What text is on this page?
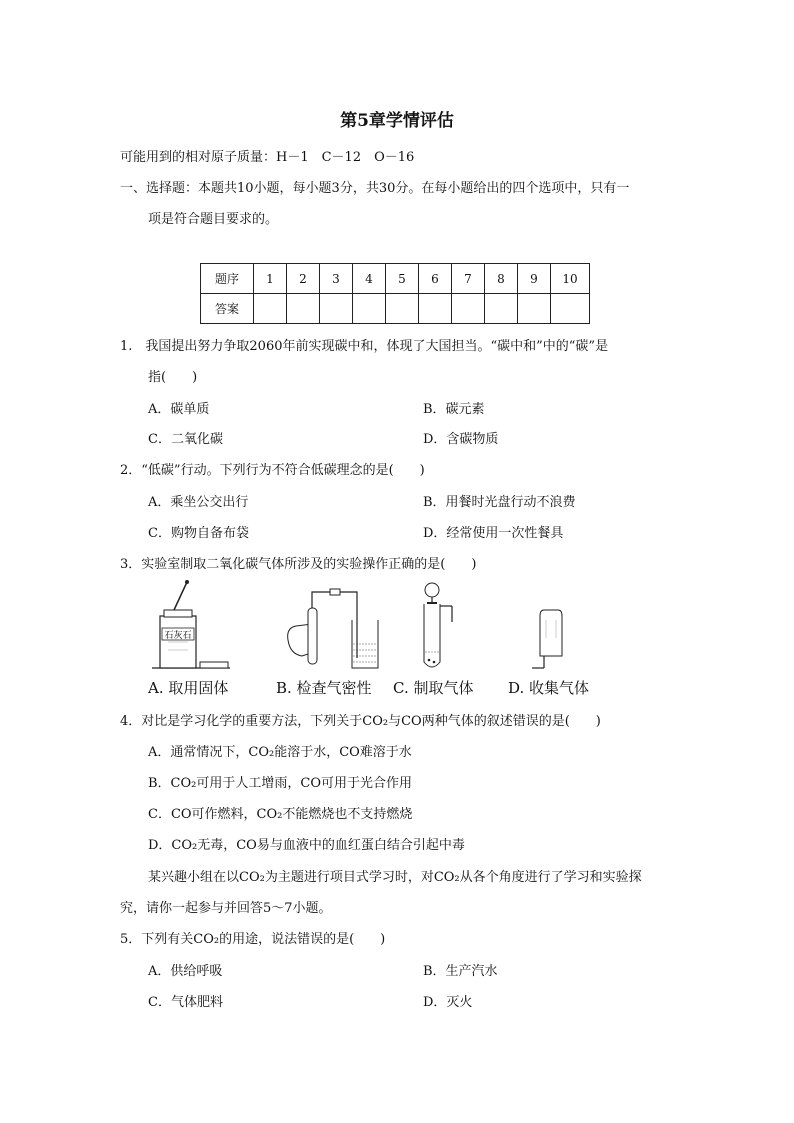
第5章学情评估
可能用到的相对原子质量：H－1　C－12　O－16
一、选择题：本题共10小题，每小题3分，共30分。在每小题给出的四个选项中，只有一
项是符合题目要求的。
题序	1	2	3	4	5	6	7	8	9	10
答案										
1.　我国提出努力争取2060年前实现碳中和，体现了大国担当。“碳中和”中的“碳”是
指(　　)
A．碳单质	B．碳元素
C．二氧化碳	D．含碳物质
2．“低碳”行动。下列行为不符合低碳理念的是(　　)
A．乘坐公交出行	B．用餐时光盘行动不浪费
C．购物自备布袋	D．经常使用一次性餐具
3．实验室制取二氧化碳气体所涉及的实验操作正确的是(　　)
石灰石
A. 取用固体	B. 检查气密性 C. 制取气体 D. 收集气体
4．对比是学习化学的重要方法，下列关于CO₂与CO两种气体的叙述错误的是(　　)
A．通常情况下，CO₂能溶于水，CO难溶于水
B．CO₂可用于人工增雨，CO可用于光合作用
C．CO可作燃料，CO₂不能燃烧也不支持燃烧
D．CO₂无毒，CO易与血液中的血红蛋白结合引起中毒
某兴趣小组在以CO₂为主题进行项目式学习时，对CO₂从各个角度进行了学习和实验探
究，请你一起参与并回答5～7小题。
5．下列有关CO₂的用途，说法错误的是(　　)
A．供给呼吸	B．生产汽水
C．气体肥料	D．灭火
